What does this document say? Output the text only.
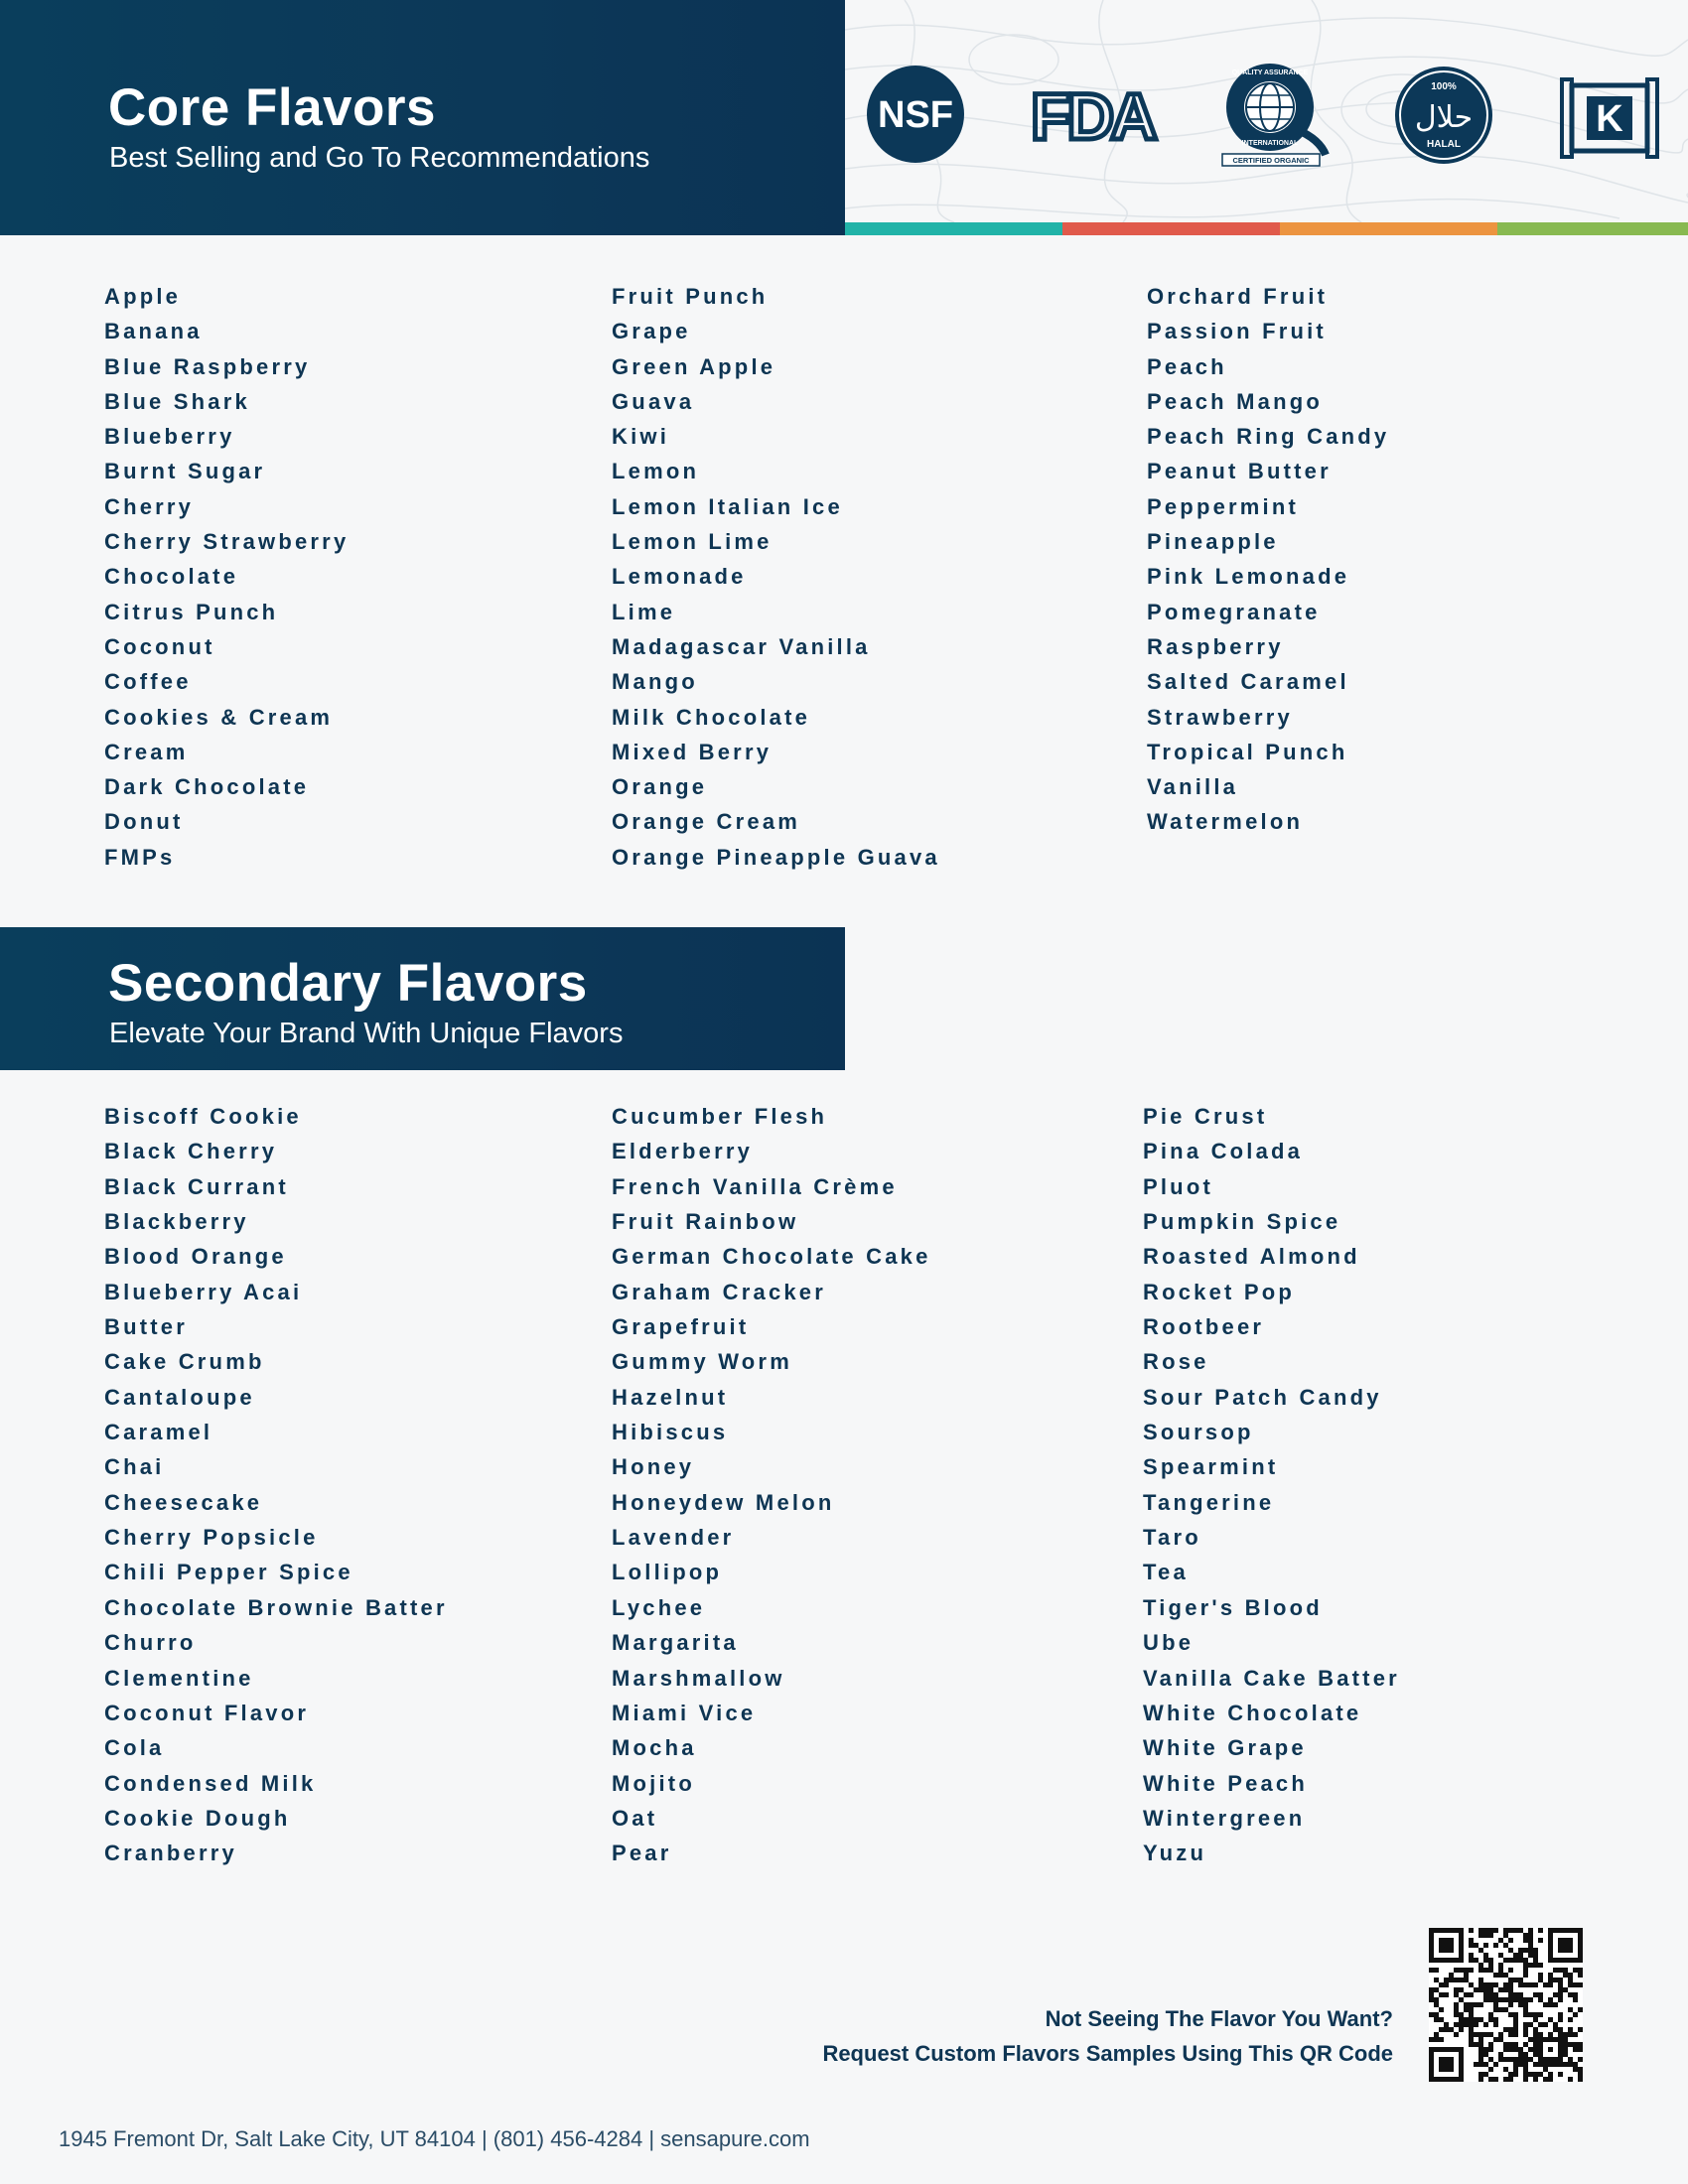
Core Flavors

Best Selling and Go To Recommendations

NSF FDA
QUALITY ASSURANCE
INTERNATIONAL
CERTIFIED ORGANIC
100%
حلال
HALAL
K
Apple
Banana
Blue Raspberry
Blue Shark
Blueberry
Burnt Sugar
Cherry
Cherry Strawberry
Chocolate
Citrus Punch
Coconut
Coffee
Cookies & Cream
Cream
Dark Chocolate
Donut
FMPs
Fruit Punch
Grape
Green Apple
Guava
Kiwi
Lemon
Lemon Italian Ice
Lemon Lime
Lemonade
Lime
Madagascar Vanilla
Mango
Milk Chocolate
Mixed Berry
Orange
Orange Cream
Orange Pineapple Guava
Orchard Fruit
Passion Fruit
Peach
Peach Mango
Peach Ring Candy
Peanut Butter
Peppermint
Pineapple
Pink Lemonade
Pomegranate
Raspberry
Salted Caramel
Strawberry
Tropical Punch
Vanilla
Watermelon
Secondary Flavors

Elevate Your Brand With Unique Flavors

Biscoff Cookie
Black Cherry
Black Currant
Blackberry
Blood Orange
Blueberry Acai
Butter
Cake Crumb
Cantaloupe
Caramel
Chai
Cheesecake
Cherry Popsicle
Chili Pepper Spice
Chocolate Brownie Batter
Churro
Clementine
Coconut Flavor
Cola
Condensed Milk
Cookie Dough
Cranberry
Cucumber Flesh
Elderberry
French Vanilla Crème
Fruit Rainbow
German Chocolate Cake
Graham Cracker
Grapefruit
Gummy Worm
Hazelnut
Hibiscus
Honey
Honeydew Melon
Lavender
Lollipop
Lychee
Margarita
Marshmallow
Miami Vice
Mocha
Mojito
Oat
Pear
Pie Crust
Pina Colada
Pluot
Pumpkin Spice
Roasted Almond
Rocket Pop
Rootbeer
Rose
Sour Patch Candy
Soursop
Spearmint
Tangerine
Taro
Tea
Tiger's Blood
Ube
Vanilla Cake Batter
White Chocolate
White Grape
White Peach
Wintergreen
Yuzu

Not Seeing The Flavor You Want?

Request Custom Flavors Samples Using This QR Code

1945 Fremont Dr, Salt Lake City, UT 84104 | (801) 456-4284 | sensapure.com
